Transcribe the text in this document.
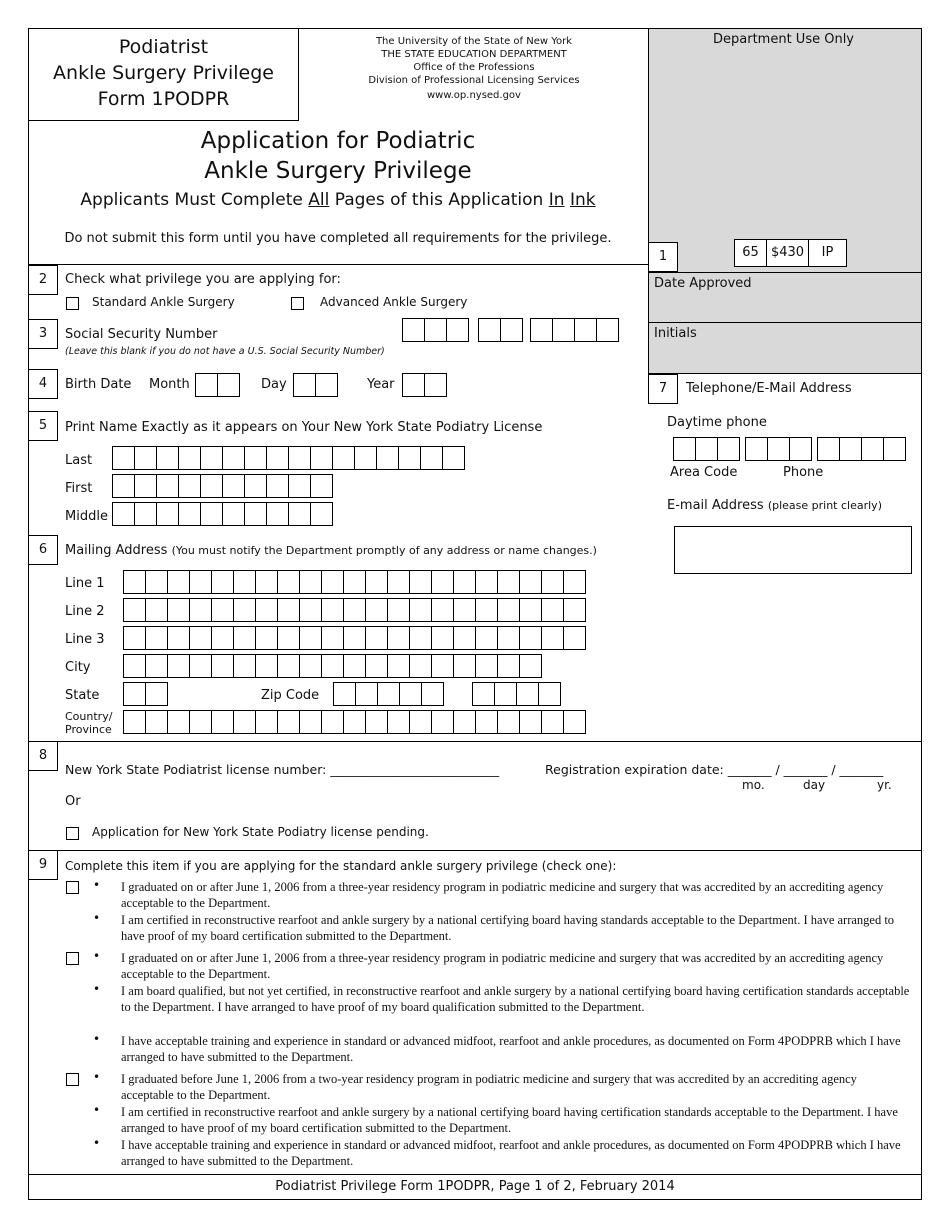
Department Use Only
1	65 $430	IP
Date Approved
Initials
Podiatrist
Ankle Surgery Privilege
Form 1PODPR
The University of the State of New York
THE STATE EDUCATION DEPARTMENT
Office of the Professions
Division of Professional Licensing Services
www.op.nysed.gov
Application for Podiatric
Ankle Surgery Privilege
Applicants Must Complete All Pages of this Application In Ink
Do not submit this form until you have completed all requirements for the privilege.
2	Check what privilege you are applying for:
Standard Ankle Surgery	Advanced Ankle Surgery
3	Social Security Number
(Leave this blank if you do not have a U.S. Social Security Number)
4	Birth Date Month	Day	Year	7	Telephone/E-Mail Address
Daytime phone
Area Code	Phone
E-mail Address (please print clearly)
5	Print Name Exactly as it appears on Your New York State Podiatry License
Last
First
Middle
6	Mailing Address (You must notify the Department promptly of any address or name changes.)
Line 1
Line 2
Line 3
City
State	Zip Code
Country/
Province
8
New York State Podiatrist license number: ___________________________	Registration expiration date: _______ / _______ / _______
mo.	day	yr.
Or
Application for New York State Podiatry license pending.
9	Complete this item if you are applying for the standard ankle surgery privilege (check one):
• I graduated on or after June 1, 2006 from a three-year residency program in podiatric medicine and surgery that was accredited by an accrediting agency acceptable to the Department.
• I am certified in reconstructive rearfoot and ankle surgery by a national certifying board having standards acceptable to the Department. I have arranged to have proof of my board certification submitted to the Department.
• I graduated on or after June 1, 2006 from a three-year residency program in podiatric medicine and surgery that was accredited by an accrediting agency acceptable to the Department.
• I am board qualified, but not yet certified, in reconstructive rearfoot and ankle surgery by a national certifying board having certification standards acceptable to the Department. I have arranged to have proof of my board qualification submitted to the Department.
• I have acceptable training and experience in standard or advanced midfoot, rearfoot and ankle procedures, as documented on Form 4PODPRB which I have arranged to have submitted to the Department.
• I graduated before June 1, 2006 from a two-year residency program in podiatric medicine and surgery that was accredited by an accrediting agency acceptable to the Department.
• I am certified in reconstructive rearfoot and ankle surgery by a national certifying board having certification standards acceptable to the Department. I have arranged to have proof of my board certification submitted to the Department.
• I have acceptable training and experience in standard or advanced midfoot, rearfoot and ankle procedures, as documented on Form 4PODPRB which I have arranged to have submitted to the Department.
Podiatrist Privilege Form 1PODPR, Page 1 of 2, February 2014
